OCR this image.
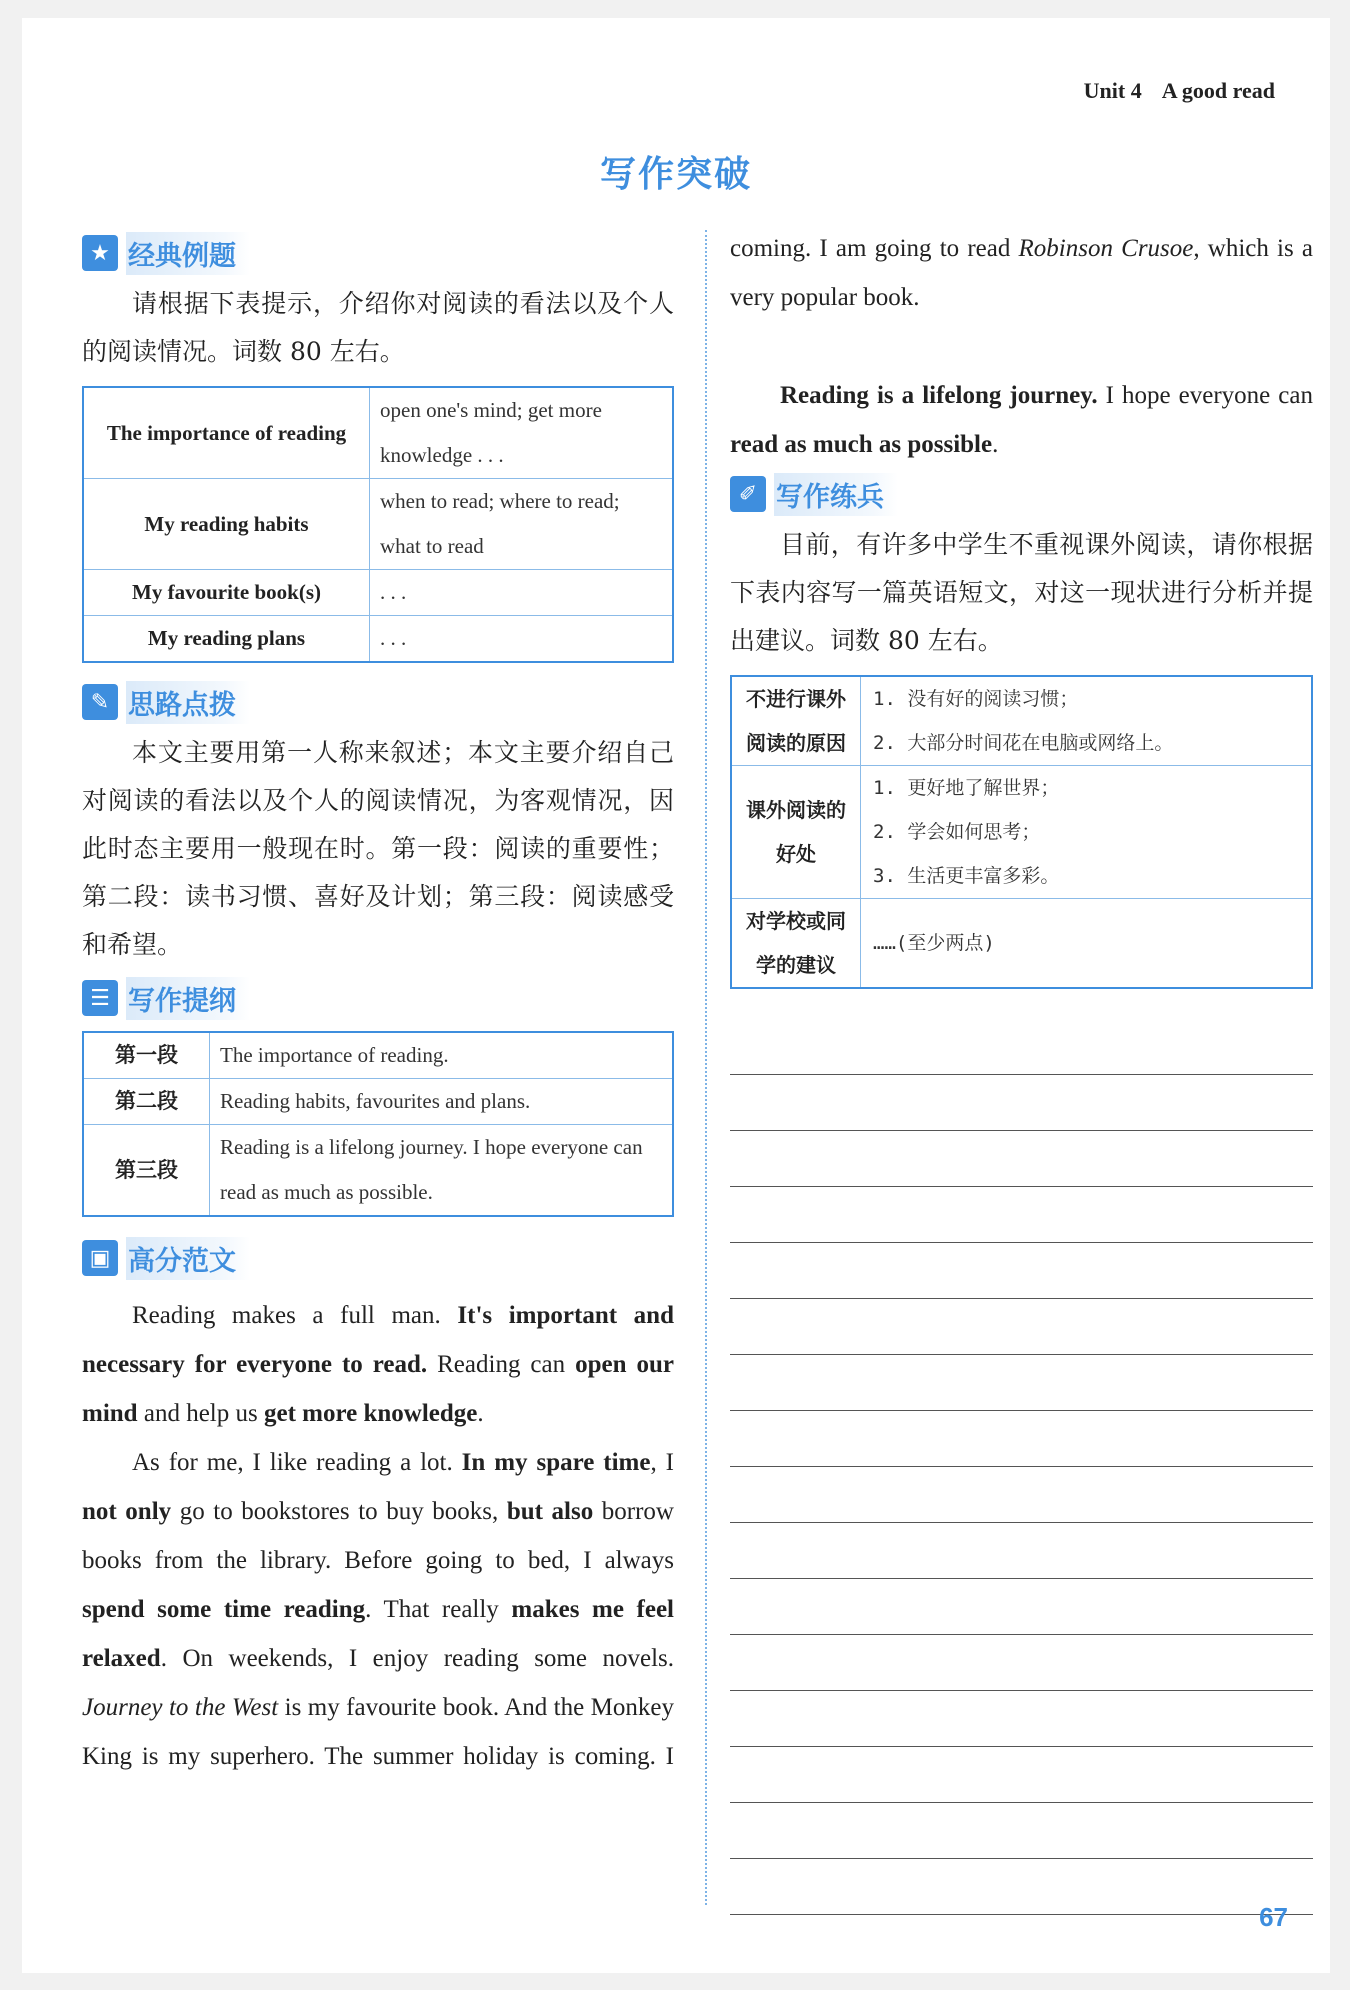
Unit 4 A good read
写作突破
★ 经典例题

请根据下表提示，介绍你对阅读的看法以及个人的阅读情况。词数 80 左右。

The importance of reading	open one's mind; get more knowledge . . .
My reading habits	when to read; where to read; what to read
My favourite book(s)	. . .
My reading plans	. . .
✎ 思路点拨

本文主要用第一人称来叙述；本文主要介绍自己对阅读的看法以及个人的阅读情况，为客观情况，因此时态主要用一般现在时。第一段：阅读的重要性；第二段：读书习惯、喜好及计划；第三段：阅读感受和希望。

☰ 写作提纲
第一段	The importance of reading.
第二段	Reading habits, favourites and plans.
第三段	Reading is a lifelong journey. I hope everyone can read as much as possible.
▣ 高分范文

Reading makes a full man. It's important and necessary for everyone to read. Reading can open our mind and help us get more knowledge.

As for me, I like reading a lot. In my spare time, I not only go to bookstores to buy books, but also borrow books from the library. Before going to bed, I always spend some time reading. That really makes me feel relaxed. On weekends, I enjoy reading some novels. Journey to the West is my favourite book. And the Monkey King is my superhero. The summer holiday is coming. I

coming. I am going to read Robinson Crusoe, which is a very popular book.

Reading is a lifelong journey. I hope everyone can read as much as possible.

✐ 写作练兵

目前，有许多中学生不重视课外阅读，请你根据下表内容写一篇英语短文，对这一现状进行分析并提出建议。词数 80 左右。

不进行课外阅读的原因	1. 没有好的阅读习惯；
2. 大部分时间花在电脑或网络上。

课外阅读的好处	1. 更好地了解世界；
2. 学会如何思考；
3. 生活更丰富多彩。

对学校或同学的建议	……(至少两点)
67
